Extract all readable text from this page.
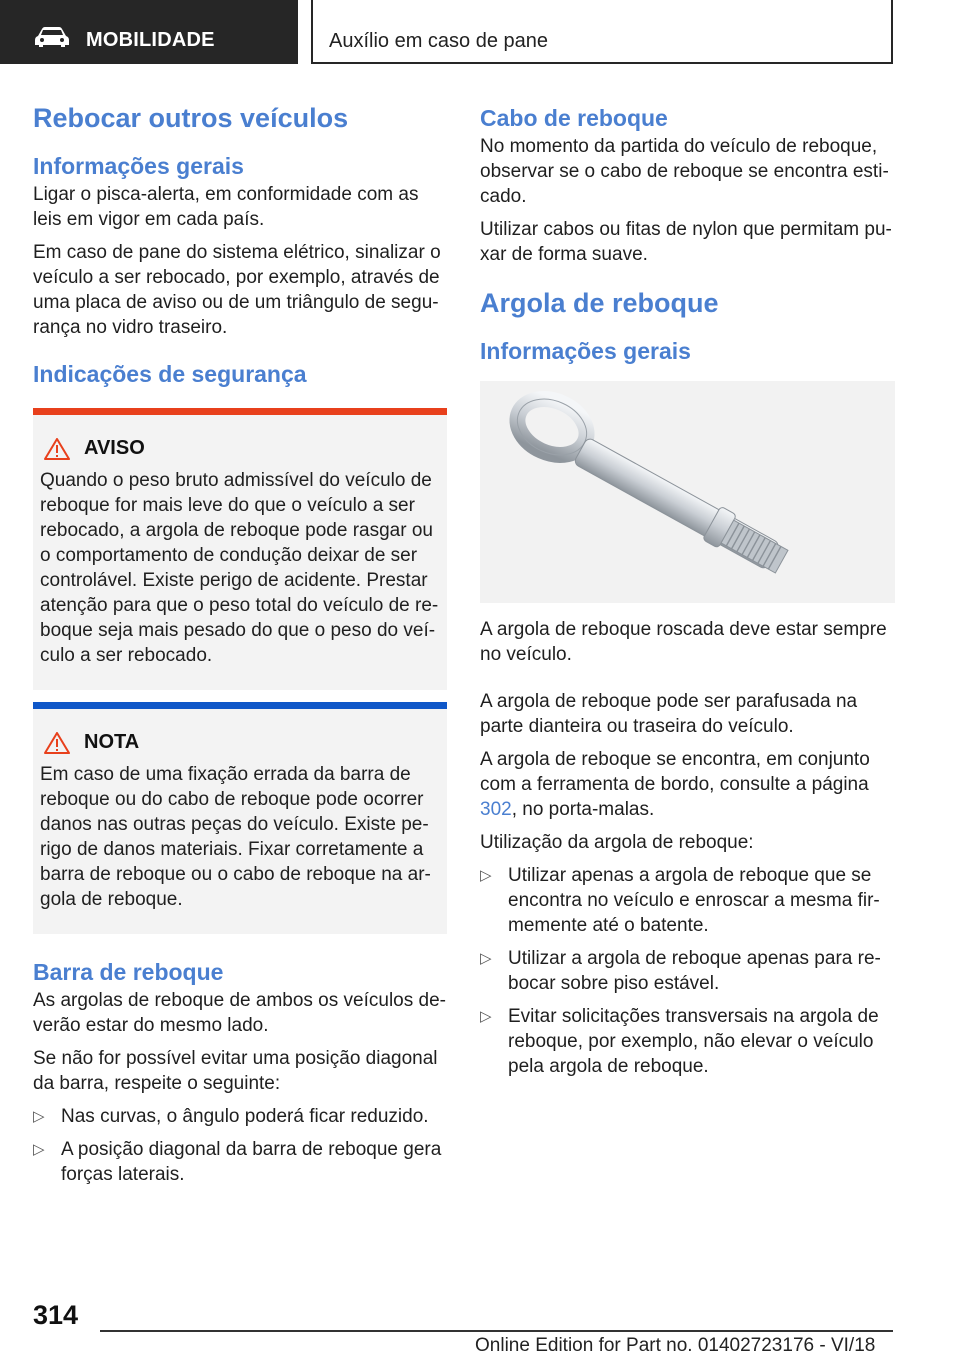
MOBILIDADE	Auxílio em caso de pane
Rebocar outros veículos
Informações gerais

Ligar o pisca-alerta, em conformidade com as leis em vigor em cada país.

Em caso de pane do sistema elétrico, sinalizar o veículo a ser rebocado, por exemplo, através de uma placa de aviso ou de um triângulo de segurança no vidro traseiro.

Indicações de segurança
AVISO

Quando o peso bruto admissível do veículo de reboque for mais leve do que o veículo a ser rebocado, a argola de reboque pode rasgar ou o comportamento de condução deixar de ser controlável. Existe perigo de acidente. Prestar atenção para que o peso total do veículo de reboque seja mais pesado do que o peso do veículo a ser rebocado.

NOTA

Em caso de uma fixação errada da barra de reboque ou do cabo de reboque pode ocorrer danos nas outras peças do veículo. Existe perigo de danos materiais. Fixar corretamente a barra de reboque ou o cabo de reboque na argola de reboque.

Barra de reboque

As argolas de reboque de ambos os veículos deverão estar do mesmo lado.

Se não for possível evitar uma posição diagonal da barra, respeite o seguinte:

▷ Nas curvas, o ângulo poderá ficar reduzido.
▷ A posição diagonal da barra de reboque gera forças laterais.
Cabo de reboque

No momento da partida do veículo de reboque, observar se o cabo de reboque se encontra esticado.

Utilizar cabos ou fitas de nylon que permitam puxar de forma suave.

Argola de reboque
Informações gerais

A argola de reboque roscada deve estar sempre no veículo.

A argola de reboque pode ser parafusada na parte dianteira ou traseira do veículo.

A argola de reboque se encontra, em conjunto com a ferramenta de bordo, consulte a página 302, no porta-malas.

Utilização da argola de reboque:

▷ Utilizar apenas a argola de reboque que se encontra no veículo e enroscar a mesma firmemente até o batente.
▷ Utilizar a argola de reboque apenas para rebocar sobre piso estável.
▷ Evitar solicitações transversais na argola de reboque, por exemplo, não elevar o veículo pela argola de reboque.
314
Online Edition for Part no. 01402723176 - VI/18
